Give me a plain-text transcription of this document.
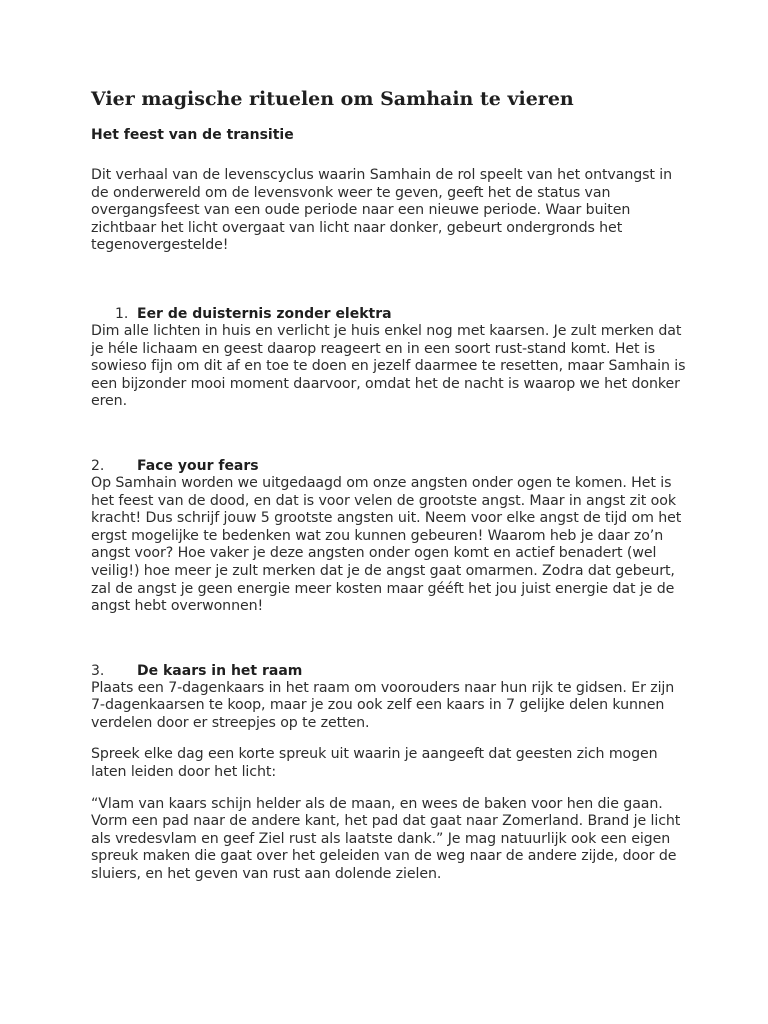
Vier magische rituelen om Samhain te vieren
Het feest van de transitie

Dit verhaal van de levenscyclus waarin Samhain de rol speelt van het ontvangst in de onderwereld om de levensvonk weer te geven, geeft het de status van overgangsfeest van een oude periode naar een nieuwe periode. Waar buiten zichtbaar het licht overgaat van licht naar donker, gebeurt ondergronds het tegenovergestelde!

1. Eer de duisternis zonder elektra

Dim alle lichten in huis en verlicht je huis enkel nog met kaarsen. Je zult merken dat je héle lichaam en geest daarop reageert en in een soort rust-stand komt. Het is sowieso fijn om dit af en toe te doen en jezelf daarmee te resetten, maar Samhain is een bijzonder mooi moment daarvoor, omdat het de nacht is waarop we het donker eren.

2. Face your fears

Op Samhain worden we uitgedaagd om onze angsten onder ogen te komen. Het is het feest van de dood, en dat is voor velen de grootste angst. Maar in angst zit ook kracht! Dus schrijf jouw 5 grootste angsten uit. Neem voor elke angst de tijd om het ergst mogelijke te bedenken wat zou kunnen gebeuren! Waarom heb je daar zo’n angst voor? Hoe vaker je deze angsten onder ogen komt en actief benadert (wel veilig!) hoe meer je zult merken dat je de angst gaat omarmen. Zodra dat gebeurt, zal de angst je geen energie meer kosten maar gééft het jou juist energie dat je de angst hebt overwonnen!

3. De kaars in het raam

Plaats een 7-dagenkaars in het raam om voorouders naar hun rijk te gidsen. Er zijn 7-dagenkaarsen te koop, maar je zou ook zelf een kaars in 7 gelijke delen kunnen verdelen door er streepjes op te zetten.

Spreek elke dag een korte spreuk uit waarin je aangeeft dat geesten zich mogen laten leiden door het licht:

“Vlam van kaars schijn helder als de maan, en wees de baken voor hen die gaan. Vorm een pad naar de andere kant, het pad dat gaat naar Zomerland. Brand je licht als vredesvlam en geef Ziel rust als laatste dank.” Je mag natuurlijk ook een eigen spreuk maken die gaat over het geleiden van de weg naar de andere zijde, door de sluiers, en het geven van rust aan dolende zielen.
